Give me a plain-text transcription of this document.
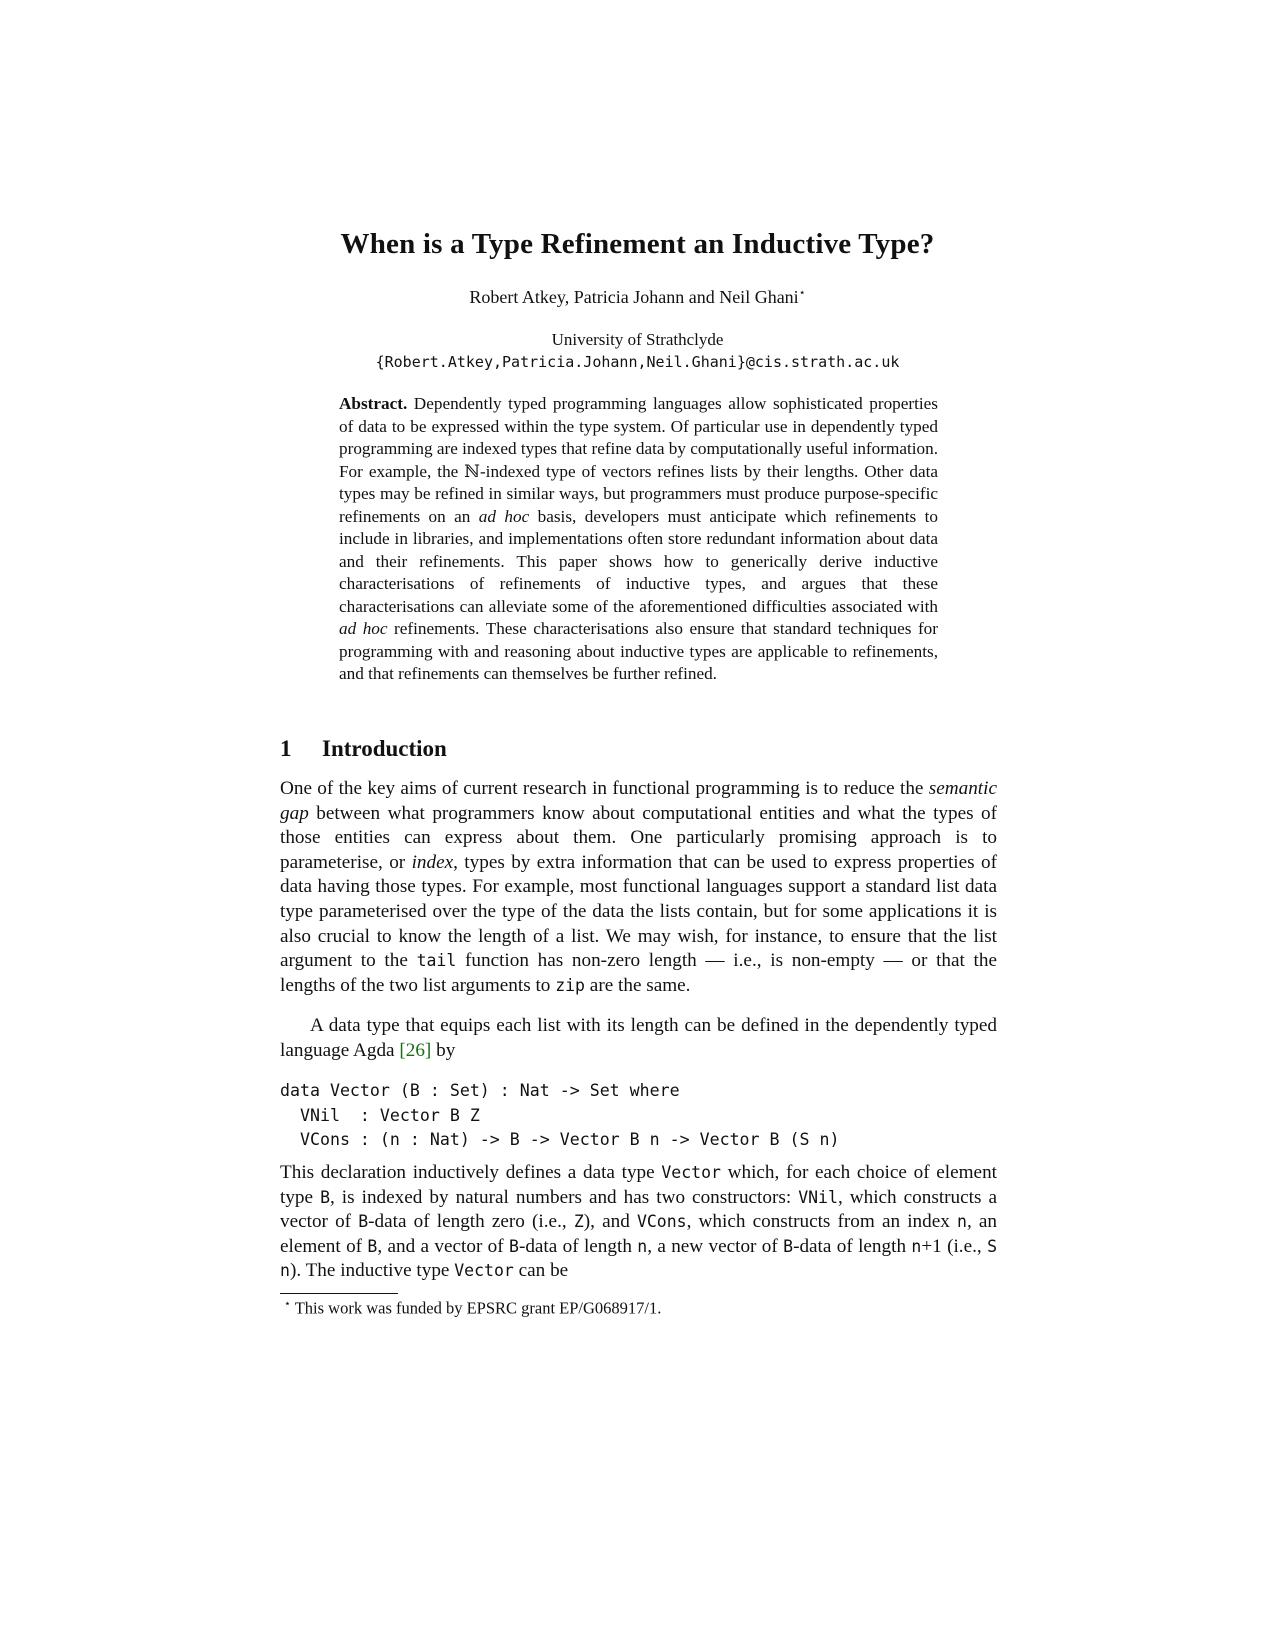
When is a Type Refinement an Inductive Type?
Robert Atkey, Patricia Johann and Neil Ghani⋆
University of Strathclyde
{Robert.Atkey,Patricia.Johann,Neil.Ghani}@cis.strath.ac.uk
Abstract. Dependently typed programming languages allow sophisticated properties of data to be expressed within the type system. Of particular use in dependently typed programming are indexed types that refine data by computationally useful information. For example, the ℕ-indexed type of vectors refines lists by their lengths. Other data types may be refined in similar ways, but programmers must produce purpose-specific refinements on an ad hoc basis, developers must anticipate which refinements to include in libraries, and implementations often store redundant information about data and their refinements. This paper shows how to generically derive inductive characterisations of refinements of inductive types, and argues that these characterisations can alleviate some of the aforementioned difficulties associated with ad hoc refinements. These characterisations also ensure that standard techniques for programming with and reasoning about inductive types are applicable to refinements, and that refinements can themselves be further refined.
1 Introduction
One of the key aims of current research in functional programming is to reduce the semantic gap between what programmers know about computational entities and what the types of those entities can express about them. One particularly promising approach is to parameterise, or index, types by extra information that can be used to express properties of data having those types. For example, most functional languages support a standard list data type parameterised over the type of the data the lists contain, but for some applications it is also crucial to know the length of a list. We may wish, for instance, to ensure that the list argument to the tail function has non-zero length — i.e., is non-empty — or that the lengths of the two list arguments to zip are the same.
A data type that equips each list with its length can be defined in the dependently typed language Agda [26] by
data Vector (B : Set) : Nat -> Set where
VNil  : Vector B Z
VCons : (n : Nat) -> B -> Vector B n -> Vector B (S n)
This declaration inductively defines a data type Vector which, for each choice of element type B, is indexed by natural numbers and has two constructors: VNil, which constructs a vector of B-data of length zero (i.e., Z), and VCons, which constructs from an index n, an element of B, and a vector of B-data of length n, a new vector of B-data of length n+1 (i.e., S n). The inductive type Vector can be
⋆ This work was funded by EPSRC grant EP/G068917/1.
